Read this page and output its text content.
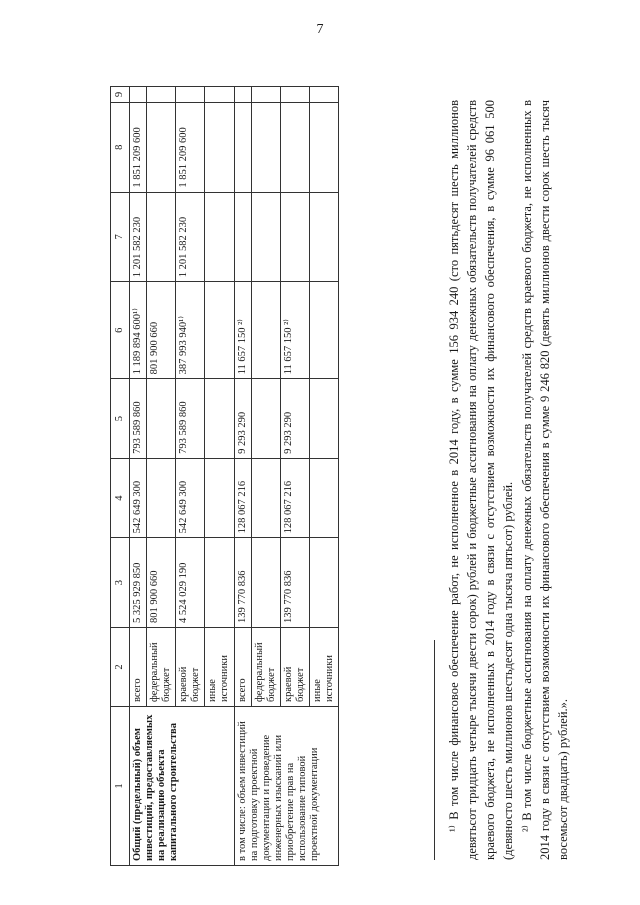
7
1	2	3	4	5	6	7	8	9
Общий (предельный) объем инвестиций, предоставляемых на реализацию объекта капитального строительства	всего	5 325 929 850	542 649 300	793 589 860	1 189 894 600¹⁾	1 201 582 230	1 851 209 600	
	федеральный бюджет	801 900 660			801 900 660			
	краевой бюджет	4 524 029 190	542 649 300	793 589 860	387 993 940¹⁾	1 201 582 230	1 851 209 600	
	иные источники							
в том числе: объем инвестиций на подготовку проектной документации и проведение инженерных изысканий или приобретение прав на использование типовой проектной документации	всего	139 770 836	128 067 216	9 293 290	11 657 150 ²⁾			
	федеральный бюджет							
	краевой бюджет	139 770 836	128 067 216	9 293 290	11 657 150 ²⁾			
	иные источники								¹⁾ В том числе финансовое обеспечение работ, не исполненное в 2014 году, в сумме 156 934 240 (сто пятьдесят шесть миллионов девятьсот тридцать четыре тысячи двести сорок) рублей и бюджетные ассигнования на оплату денежных обязательств получателей средств краевого бюджета, не исполненных в 2014 году в связи с отсутствием возможности их финансового обеспечения, в сумме 96 061 500 (девяносто шесть миллионов шестьдесят одна тысяча пятьсот) рублей. ²⁾ В том числе бюджетные ассигнования на оплату денежных обязательств получателей средств краевого бюджета, не исполненных в 2014 году в связи с отсутствием возможности их финансового обеспечения в сумме 9 246 820 (девять миллионов двести сорок шесть тысяч восемьсот двадцать) рублей.».
